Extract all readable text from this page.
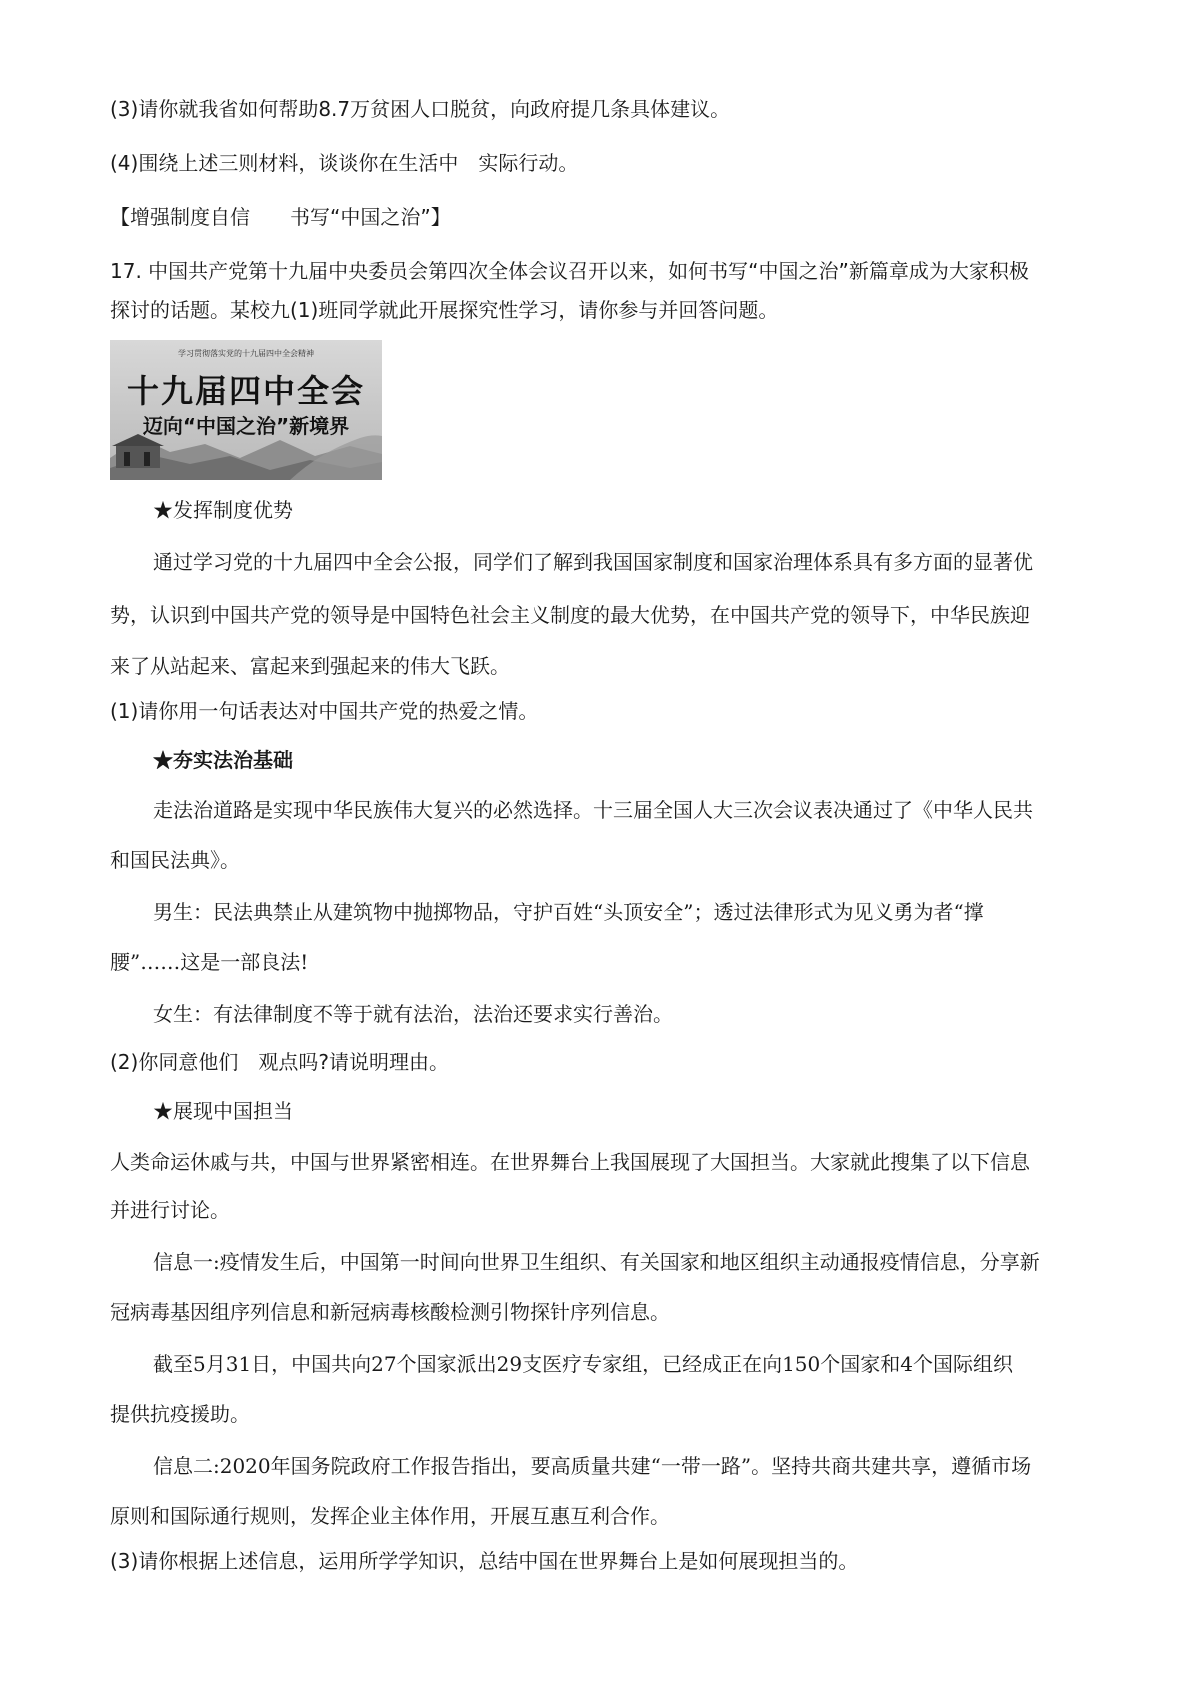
(3)请你就我省如何帮助8.7万贫困人口脱贫，向政府提几条具体建议。
(4)围绕上述三则材料，谈谈你在生活中　实际行动。
【增强制度自信　　书写“中国之治”】
17. 中国共产党第十九届中央委员会第四次全体会议召开以来，如何书写“中国之治”新篇章成为大家积极
探讨的话题。某校九(1)班同学就此开展探究性学习，请你参与并回答问题。
学习贯彻落实党的十九届四中全会精神
十九届四中全会
迈向“中国之治”新境界
★发挥制度优势
通过学习党的十九届四中全会公报，同学们了解到我国国家制度和国家治理体系具有多方面的显著优
势，认识到中国共产党的领导是中国特色社会主义制度的最大优势，在中国共产党的领导下，中华民族迎
来了从站起来、富起来到强起来的伟大飞跃。
(1)请你用一句话表达对中国共产党的热爱之情。
★夯实法治基础
走法治道路是实现中华民族伟大复兴的必然选择。十三届全国人大三次会议表决通过了《中华人民共
和国民法典》。
男生：民法典禁止从建筑物中抛掷物品，守护百姓“头顶安全”；透过法律形式为见义勇为者“撑
腰”……这是一部良法!
女生：有法律制度不等于就有法治，法治还要求实行善治。
(2)你同意他们　观点吗?请说明理由。
★展现中国担当
人类命运休戚与共，中国与世界紧密相连。在世界舞台上我国展现了大国担当。大家就此搜集了以下信息
并进行讨论。
信息一:疫情发生后，中国第一时间向世界卫生组织、有关国家和地区组织主动通报疫情信息，分享新
冠病毒基因组序列信息和新冠病毒核酸检测引物探针序列信息。
截至5月31日，中国共向27个国家派出29支医疗专家组，已经成正在向150个国家和4个国际组织
提供抗疫援助。
信息二:2020年国务院政府工作报告指出，要高质量共建“一带一路”。坚持共商共建共享，遵循市场
原则和国际通行规则，发挥企业主体作用，开展互惠互利合作。
(3)请你根据上述信息，运用所学学知识，总结中国在世界舞台上是如何展现担当的。
